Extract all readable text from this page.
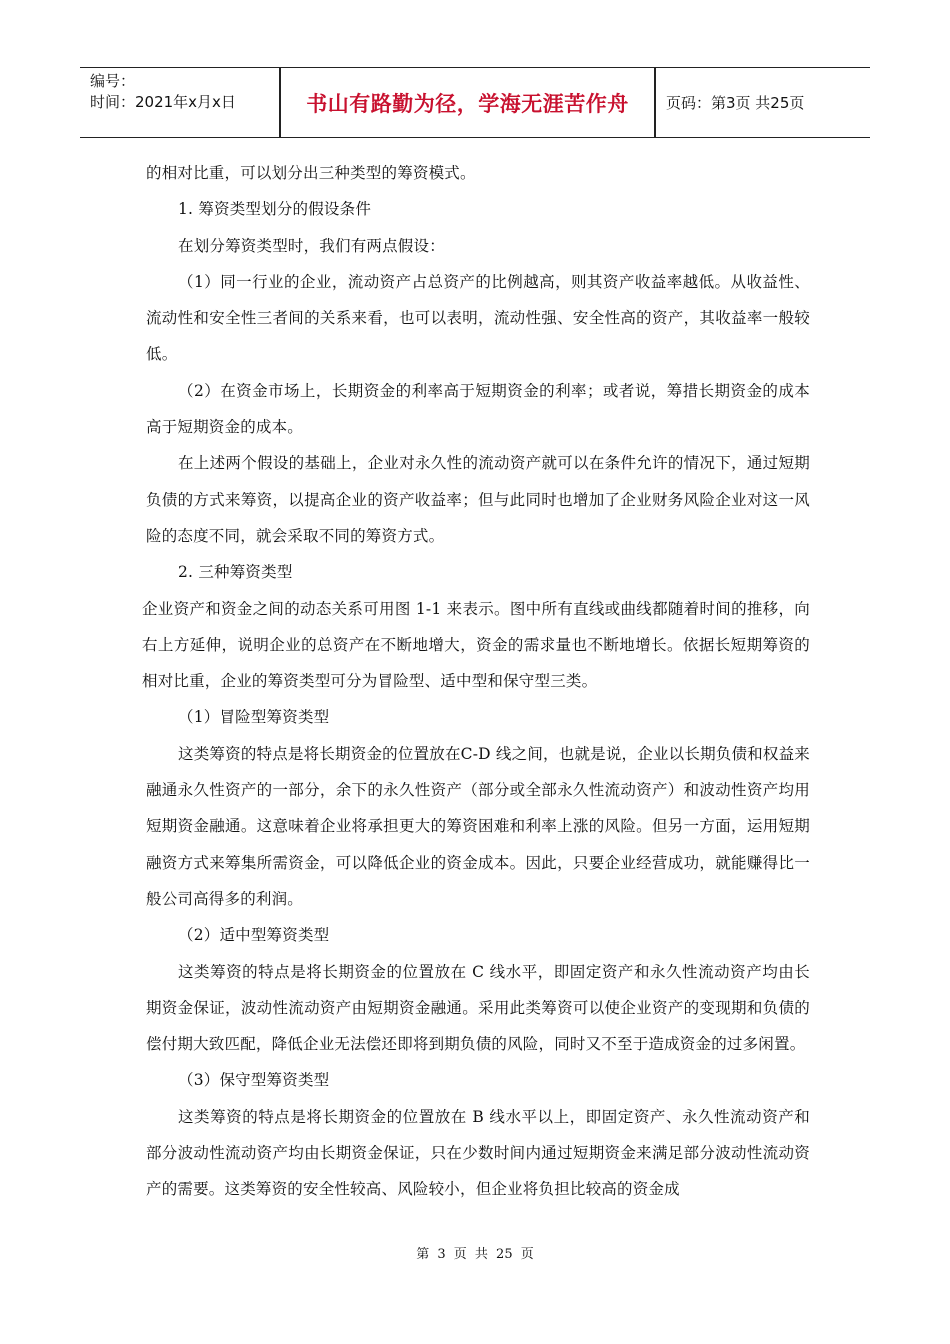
编号：
时间：2021年x月x日	书山有路勤为径，学海无涯苦作舟	页码：第3页 共25页

的相对比重，可以划分出三种类型的筹资模式。

1. 筹资类型划分的假设条件

在划分筹资类型时，我们有两点假设：

（1）同一行业的企业，流动资产占总资产的比例越高，则其资产收益率越低。从收益性、流动性和安全性三者间的关系来看，也可以表明，流动性强、安全性高的资产，其收益率一般较低。

（2）在资金市场上，长期资金的利率高于短期资金的利率；或者说，筹措长期资金的成本高于短期资金的成本。

在上述两个假设的基础上，企业对永久性的流动资产就可以在条件允许的情况下，通过短期负债的方式来筹资，以提高企业的资产收益率；但与此同时也增加了企业财务风险企业对这一风险的态度不同，就会采取不同的筹资方式。

2. 三种筹资类型

企业资产和资金之间的动态关系可用图 1-1 来表示。图中所有直线或曲线都随着时间的推移，向右上方延伸，说明企业的总资产在不断地增大，资金的需求量也不断地增长。依据长短期筹资的相对比重，企业的筹资类型可分为冒险型、适中型和保守型三类。

（1）冒险型筹资类型

这类筹资的特点是将长期资金的位置放在C-D 线之间，也就是说，企业以长期负债和权益来融通永久性资产的一部分，余下的永久性资产（部分或全部永久性流动资产）和波动性资产均用短期资金融通。这意味着企业将承担更大的筹资困难和利率上涨的风险。但另一方面，运用短期融资方式来筹集所需资金，可以降低企业的资金成本。因此，只要企业经营成功，就能赚得比一般公司高得多的利润。

（2）适中型筹资类型

这类筹资的特点是将长期资金的位置放在 C 线水平，即固定资产和永久性流动资产均由长期资金保证，波动性流动资产由短期资金融通。采用此类筹资可以使企业资产的变现期和负债的偿付期大致匹配，降低企业无法偿还即将到期负债的风险，同时又不至于造成资金的过多闲置。

（3）保守型筹资类型

这类筹资的特点是将长期资金的位置放在 B 线水平以上，即固定资产、永久性流动资产和部分波动性流动资产均由长期资金保证，只在少数时间内通过短期资金来满足部分波动性流动资产的需要。这类筹资的安全性较高、风险较小，但企业将负担比较高的资金成

第 3 页 共 25 页
